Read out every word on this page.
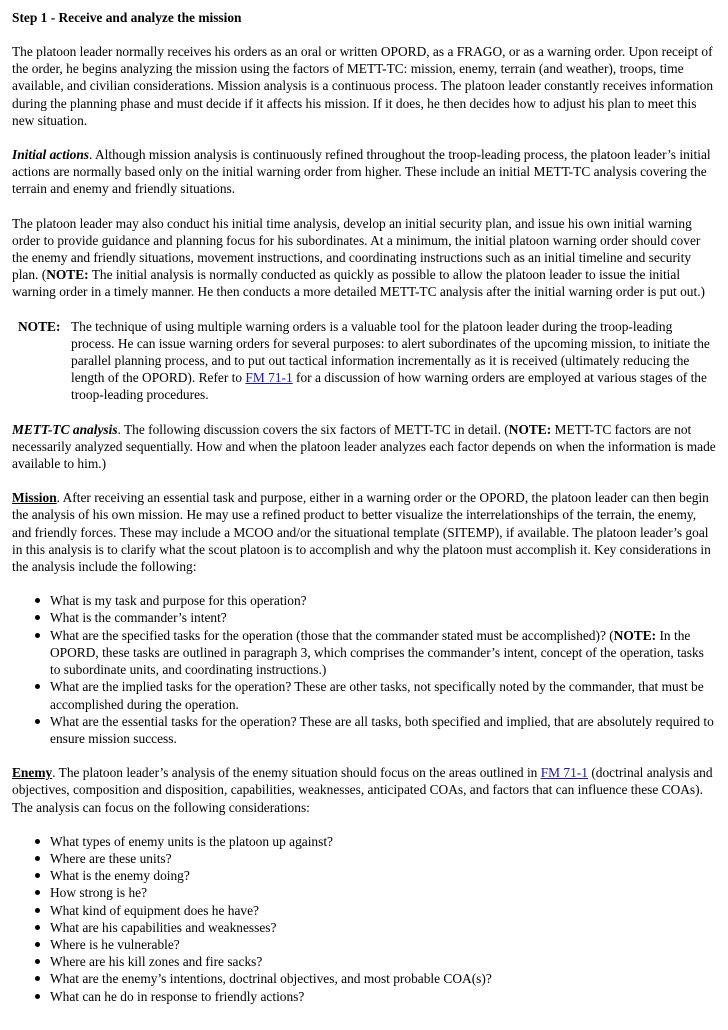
Step 1 - Receive and analyze the mission

The platoon leader normally receives his orders as an oral or written OPORD, as a FRAGO, or as a warning order. Upon receipt of the order, he begins analyzing the mission using the factors of METT-TC: mission, enemy, terrain (and weather), troops, time available, and civilian considerations. Mission analysis is a continuous process. The platoon leader constantly receives information during the planning phase and must decide if it affects his mission. If it does, he then decides how to adjust his plan to meet this new situation.

Initial actions. Although mission analysis is continuously refined throughout the troop-leading process, the platoon leader’s initial actions are normally based only on the initial warning order from higher. These include an initial METT-TC analysis covering the terrain and enemy and friendly situations.

The platoon leader may also conduct his initial time analysis, develop an initial security plan, and issue his own initial warning order to provide guidance and planning focus for his subordinates. At a minimum, the initial platoon warning order should cover the enemy and friendly situations, movement instructions, and coordinating instructions such as an initial timeline and security plan. (NOTE: The initial analysis is normally conducted as quickly as possible to allow the platoon leader to issue the initial warning order in a timely manner. He then conducts a more detailed METT-TC analysis after the initial warning order is put out.)

NOTE: The technique of using multiple warning orders is a valuable tool for the platoon leader during the troop-leading process. He can issue warning orders for several purposes: to alert subordinates of the upcoming mission, to initiate the parallel planning process, and to put out tactical information incrementally as it is received (ultimately reducing the length of the OPORD). Refer to FM 71-1 for a discussion of how warning orders are employed at various stages of the troop-leading procedures.

METT-TC analysis. The following discussion covers the six factors of METT-TC in detail. (NOTE: METT-TC factors are not necessarily analyzed sequentially. How and when the platoon leader analyzes each factor depends on when the information is made available to him.)

Mission. After receiving an essential task and purpose, either in a warning order or the OPORD, the platoon leader can then begin the analysis of his own mission. He may use a refined product to better visualize the interrelationships of the terrain, the enemy, and friendly forces. These may include a MCOO and/or the situational template (SITEMP), if available. The platoon leader’s goal in this analysis is to clarify what the scout platoon is to accomplish and why the platoon must accomplish it. Key considerations in the analysis include the following:

What is my task and purpose for this operation?
What is the commander’s intent?
What are the specified tasks for the operation (those that the commander stated must be accomplished)? (NOTE: In the OPORD, these tasks are outlined in paragraph 3, which comprises the commander’s intent, concept of the operation, tasks to subordinate units, and coordinating instructions.)
What are the implied tasks for the operation? These are other tasks, not specifically noted by the commander, that must be accomplished during the operation.
What are the essential tasks for the operation? These are all tasks, both specified and implied, that are absolutely required to ensure mission success.

Enemy. The platoon leader’s analysis of the enemy situation should focus on the areas outlined in FM 71-1 (doctrinal analysis and objectives, composition and disposition, capabilities, weaknesses, anticipated COAs, and factors that can influence these COAs). The analysis can focus on the following considerations:

What types of enemy units is the platoon up against?
Where are these units?
What is the enemy doing?
How strong is he?
What kind of equipment does he have?
What are his capabilities and weaknesses?
Where is he vulnerable?
Where are his kill zones and fire sacks?
What are the enemy’s intentions, doctrinal objectives, and most probable COA(s)?
What can he do in response to friendly actions?
